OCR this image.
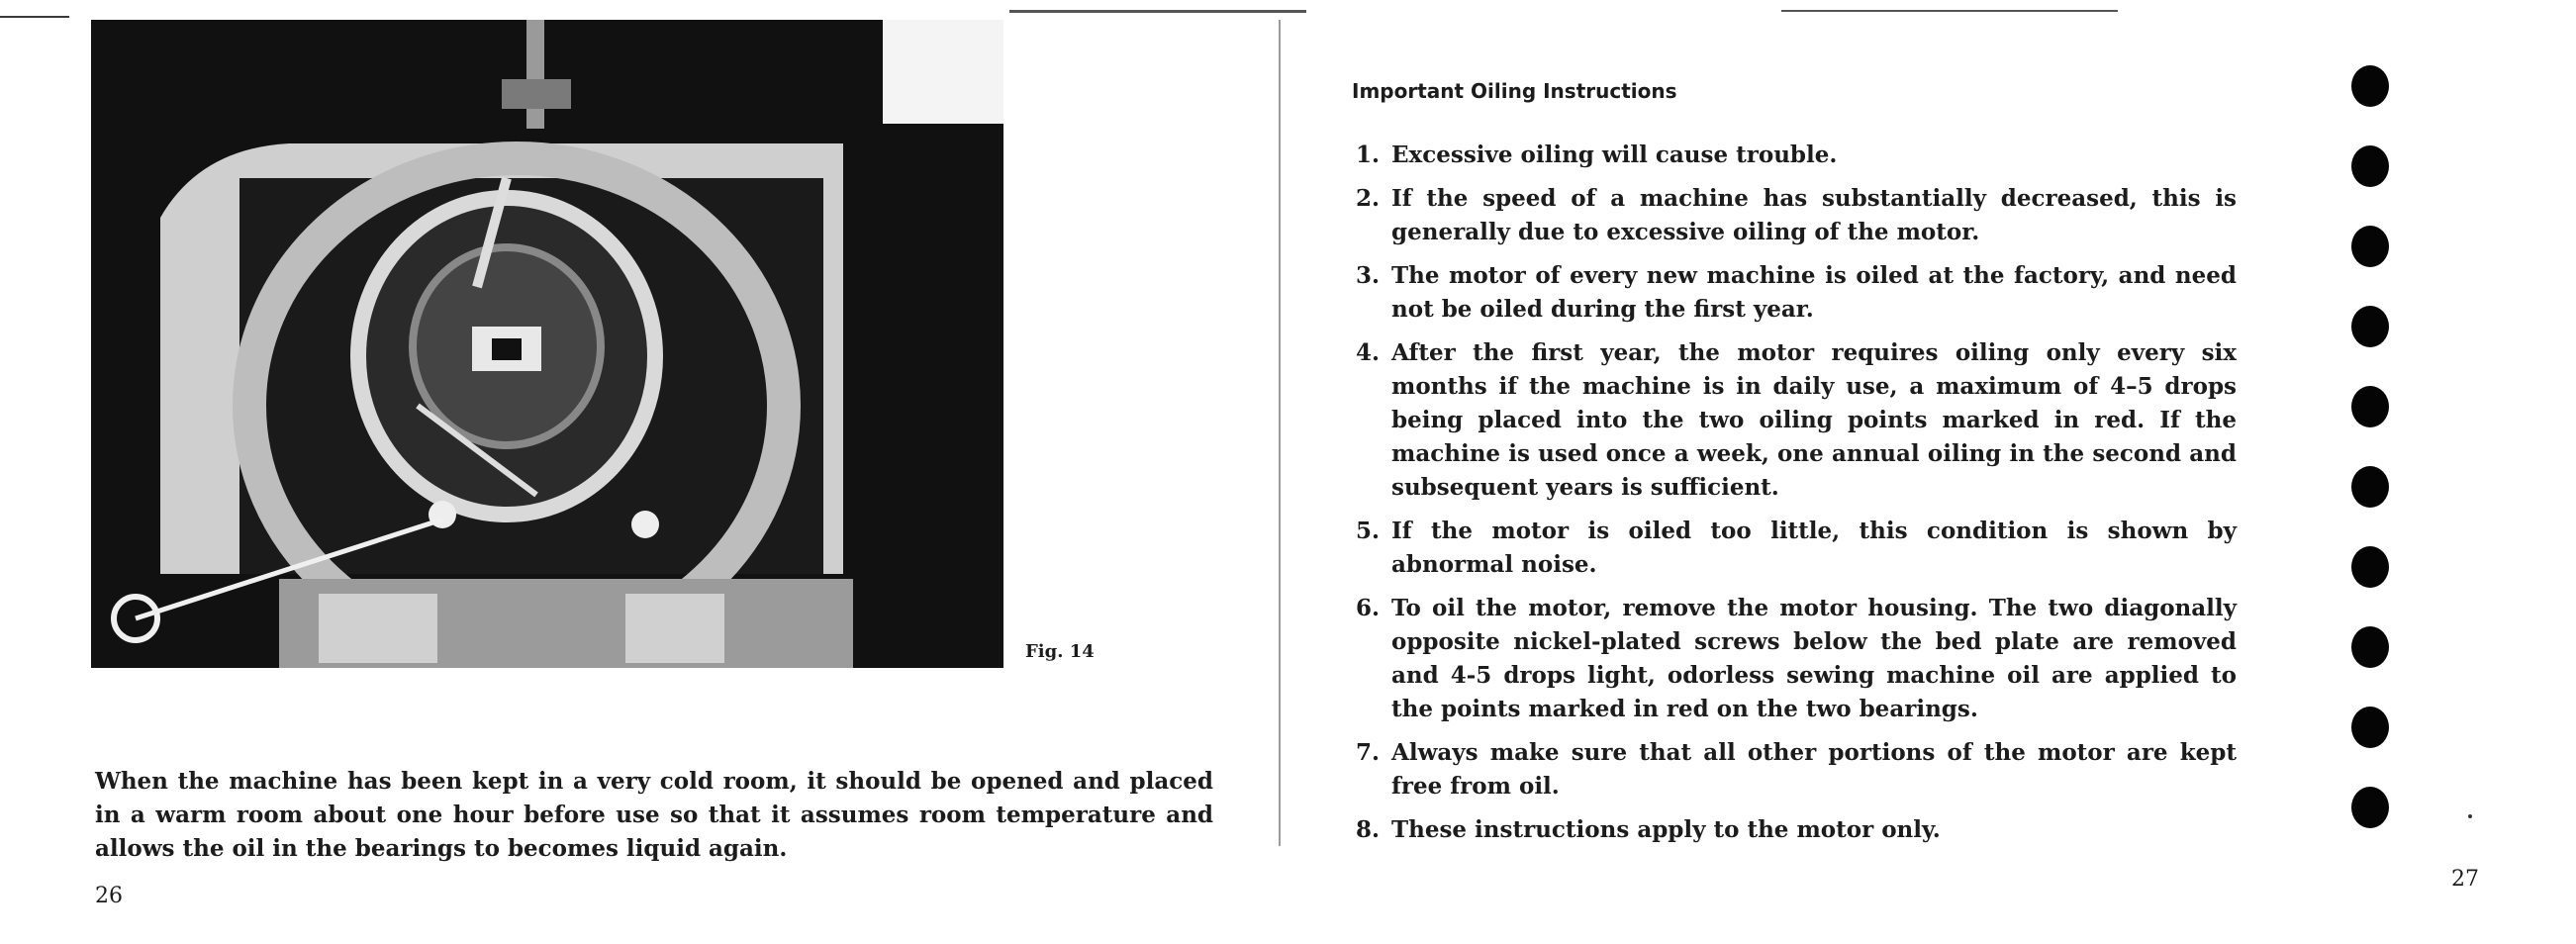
Fig. 14

When the machine has been kept in a very cold room, it should be opened and placed in a warm room about one hour before use so that it assumes room temperature and allows the oil in the bearings to becomes liquid again.

26
Important Oiling Instructions
1. Excessive oiling will cause trouble.
2. If the speed of a machine has substantially decreased, this is generally due to excessive oiling of the motor.
3. The motor of every new machine is oiled at the factory, and need not be oiled during the first year.
4. After the first year, the motor requires oiling only every six months if the machine is in daily use, a maximum of 4–5 drops being placed into the two oiling points marked in red. If the machine is used once a week, one annual oiling in the second and subsequent years is sufficient.
5. If the motor is oiled too little, this condition is shown by abnormal noise.
6. To oil the motor, remove the motor housing. The two diagonally opposite nickel-plated screws below the bed plate are removed and 4-5 drops light, odorless sewing machine oil are applied to the points marked in red on the two bearings.
7. Always make sure that all other portions of the motor are kept free from oil.
8. These instructions apply to the motor only.
27
